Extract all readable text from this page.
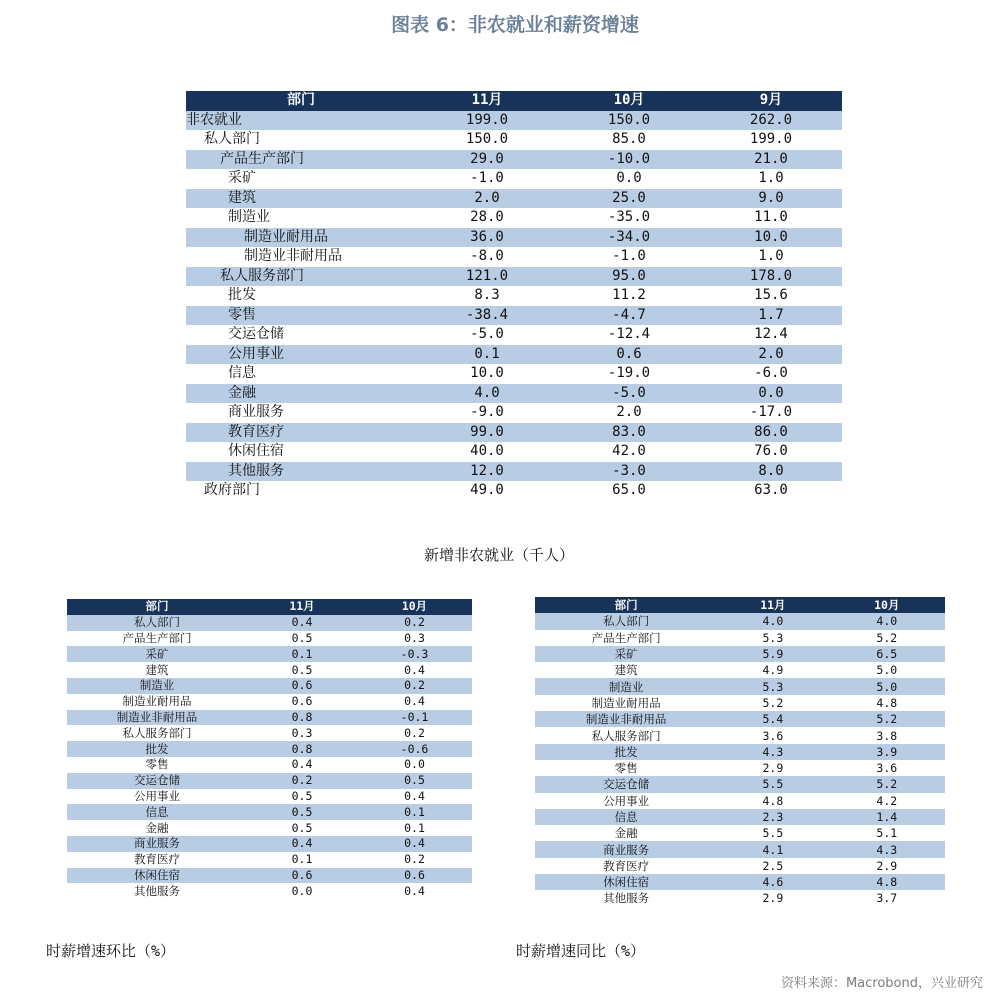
图表 6：非农就业和薪资增速
部门	11月	10月	9月
非农就业	199.0	150.0	262.0
私人部门	150.0	85.0	199.0
产品生产部门	29.0	-10.0	21.0
采矿	-1.0	0.0	1.0
建筑	2.0	25.0	9.0
制造业	28.0	-35.0	11.0
制造业耐用品	36.0	-34.0	10.0
制造业非耐用品	-8.0	-1.0	1.0
私人服务部门	121.0	95.0	178.0
批发	8.3	11.2	15.6
零售	-38.4	-4.7	1.7
交运仓储	-5.0	-12.4	12.4
公用事业	0.1	0.6	2.0
信息	10.0	-19.0	-6.0
金融	4.0	-5.0	0.0
商业服务	-9.0	2.0	-17.0
教育医疗	99.0	83.0	86.0
休闲住宿	40.0	42.0	76.0
其他服务	12.0	-3.0	8.0
政府部门	49.0	65.0	63.0
新增非农就业（千人）
部门	11月	10月
私人部门	0.4	0.2
产品生产部门	0.5	0.3
采矿	0.1	-0.3
建筑	0.5	0.4
制造业	0.6	0.2
制造业耐用品	0.6	0.4
制造业非耐用品	0.8	-0.1
私人服务部门	0.3	0.2
批发	0.8	-0.6
零售	0.4	0.0
交运仓储	0.2	0.5
公用事业	0.5	0.4
信息	0.5	0.1
金融	0.5	0.1
商业服务	0.4	0.4
教育医疗	0.1	0.2
休闲住宿	0.6	0.6
其他服务	0.0	0.4
部门	11月	10月
私人部门	4.0	4.0
产品生产部门	5.3	5.2
采矿	5.9	6.5
建筑	4.9	5.0
制造业	5.3	5.0
制造业耐用品	5.2	4.8
制造业非耐用品	5.4	5.2
私人服务部门	3.6	3.8
批发	4.3	3.9
零售	2.9	3.6
交运仓储	5.5	5.2
公用事业	4.8	4.2
信息	2.3	1.4
金融	5.5	5.1
商业服务	4.1	4.3
教育医疗	2.5	2.9
休闲住宿	4.6	4.8
其他服务	2.9	3.7
时薪增速环比（%）	时薪增速同比（%）
资料来源：Macrobond，兴业研究
